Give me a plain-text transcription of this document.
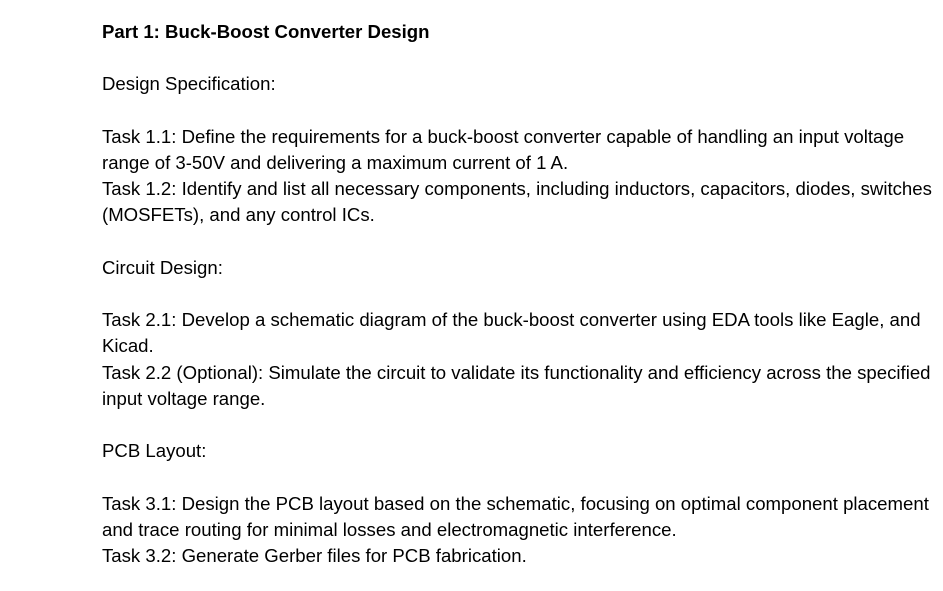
Part 1: Buck-Boost Converter Design

Design Specification:

Task 1.1: Define the requirements for a buck-boost converter capable of handling an input voltage range of 3-50V and delivering a maximum current of 1 A.

Task 1.2: Identify and list all necessary components, including inductors, capacitors, diodes, switches (MOSFETs), and any control ICs.

Circuit Design:

Task 2.1: Develop a schematic diagram of the buck-boost converter using EDA tools like Eagle, and Kicad.

Task 2.2 (Optional): Simulate the circuit to validate its functionality and efficiency across the specified input voltage range.

PCB Layout:

Task 3.1: Design the PCB layout based on the schematic, focusing on optimal component placement and trace routing for minimal losses and electromagnetic interference.

Task 3.2: Generate Gerber files for PCB fabrication.
